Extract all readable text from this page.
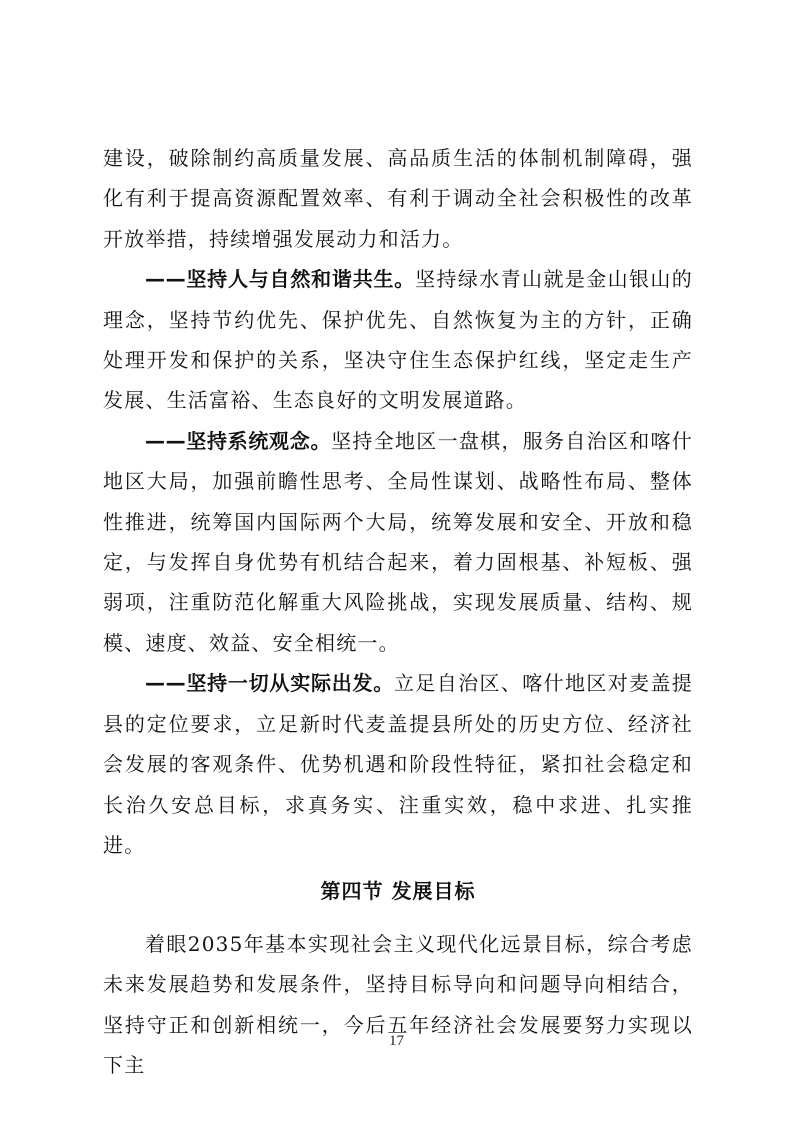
建设，破除制约高质量发展、高品质生活的体制机制障碍，强化有利于提高资源配置效率、有利于调动全社会积极性的改革开放举措，持续增强发展动力和活力。

——坚持人与自然和谐共生。坚持绿水青山就是金山银山的理念，坚持节约优先、保护优先、自然恢复为主的方针，正确处理开发和保护的关系，坚决守住生态保护红线，坚定走生产发展、生活富裕、生态良好的文明发展道路。

——坚持系统观念。坚持全地区一盘棋，服务自治区和喀什地区大局，加强前瞻性思考、全局性谋划、战略性布局、整体性推进，统筹国内国际两个大局，统筹发展和安全、开放和稳定，与发挥自身优势有机结合起来，着力固根基、补短板、强弱项，注重防范化解重大风险挑战，实现发展质量、结构、规模、速度、效益、安全相统一。

——坚持一切从实际出发。立足自治区、喀什地区对麦盖提县的定位要求，立足新时代麦盖提县所处的历史方位、经济社会发展的客观条件、优势机遇和阶段性特征，紧扣社会稳定和长治久安总目标，求真务实、注重实效，稳中求进、扎实推进。

第四节 发展目标

着眼2035年基本实现社会主义现代化远景目标，综合考虑未来发展趋势和发展条件，坚持目标导向和问题导向相结合，坚持守正和创新相统一，今后五年经济社会发展要努力实现以下主

17
